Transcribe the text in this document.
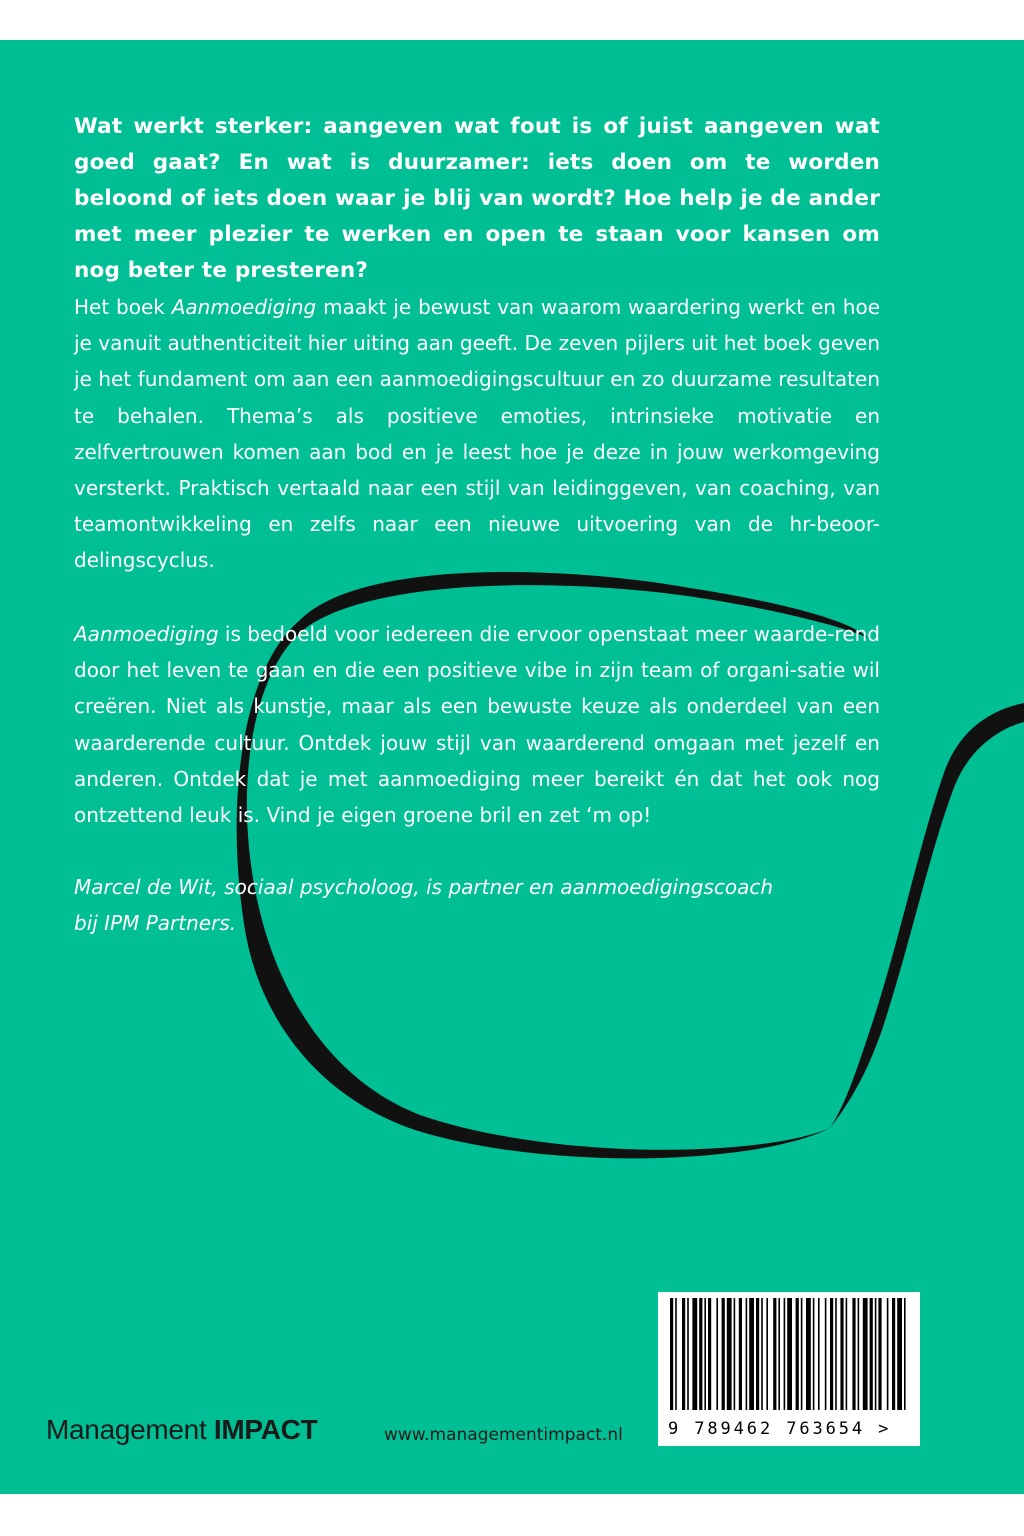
Wat werkt sterker: aangeven wat fout is of juist aangeven wat goed gaat? En wat is duurzamer: iets doen om te worden beloond of iets doen waar je blij van wordt? Hoe help je de ander met meer plezier te werken en open te staan voor kansen om nog beter te presteren?

Het boek Aanmoediging maakt je bewust van waarom waardering werkt en hoe je vanuit authenticiteit hier uiting aan geeft. De zeven pijlers uit het boek geven je het fundament om aan een aanmoedigingscultuur en zo duurzame resultaten te behalen. Thema’s als positieve emoties, intrinsieke motivatie en zelfvertrouwen komen aan bod en je leest hoe je deze in jouw werkomgeving versterkt. Praktisch vertaald naar een stijl van leidinggeven, van coaching, van teamontwikkeling en zelfs naar een nieuwe uitvoering van de hr-beoor-delingscyclus.

Aanmoediging is bedoeld voor iedereen die ervoor openstaat meer waarde-rend door het leven te gaan en die een positieve vibe in zijn team of organi-satie wil creëren. Niet als kunstje, maar als een bewuste keuze als onderdeel van een waarderende cultuur. Ontdek jouw stijl van waarderend omgaan met jezelf en anderen. Ontdek dat je met aanmoediging meer bereikt én dat het ook nog ontzettend leuk is. Vind je eigen groene bril en zet ‘m op!

Marcel de Wit, sociaal psycholoog, is partner en aanmoedigingscoach

bij IPM Partners.

Management IMPACT	www.managementimpact.nl	9 789462 763654 >
